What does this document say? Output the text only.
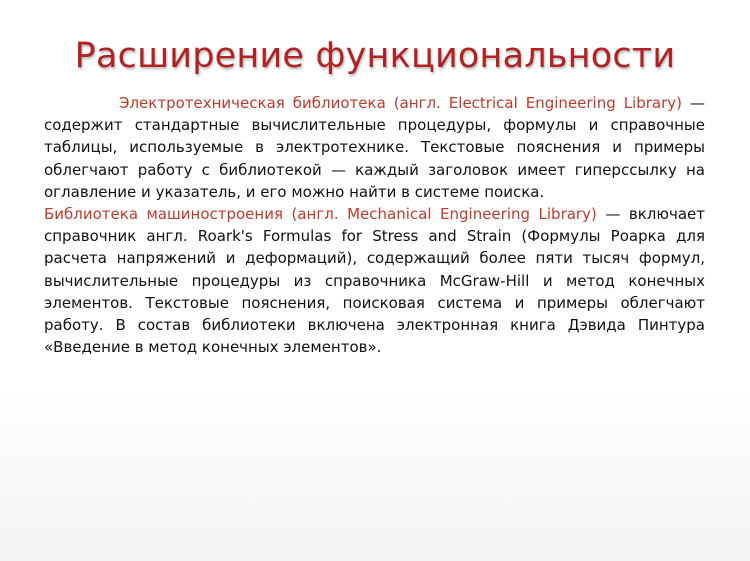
Расширение функциональности

Электротехническая библиотека (англ. Electrical Engineering Library) — содержит стандартные вычислительные процедуры, формулы и справочные таблицы, используемые в электротехнике. Текстовые пояснения и примеры облегчают работу с библиотекой — каждый заголовок имеет гиперссылку на оглавление и указатель, и его можно найти в системе поиска.

Библиотека машиностроения (англ. Mechanical Engineering Library) — включает справочник англ. Roark's Formulas for Stress and Strain (Формулы Роарка для расчета напряжений и деформаций), содержащий более пяти тысяч формул, вычислительные процедуры из справочника McGraw-Hill и метод конечных элементов. Текстовые пояснения, поисковая система и примеры облегчают работу. В состав библиотеки включена электронная книга Дэвида Пинтура «Введение в метод конечных элементов».
